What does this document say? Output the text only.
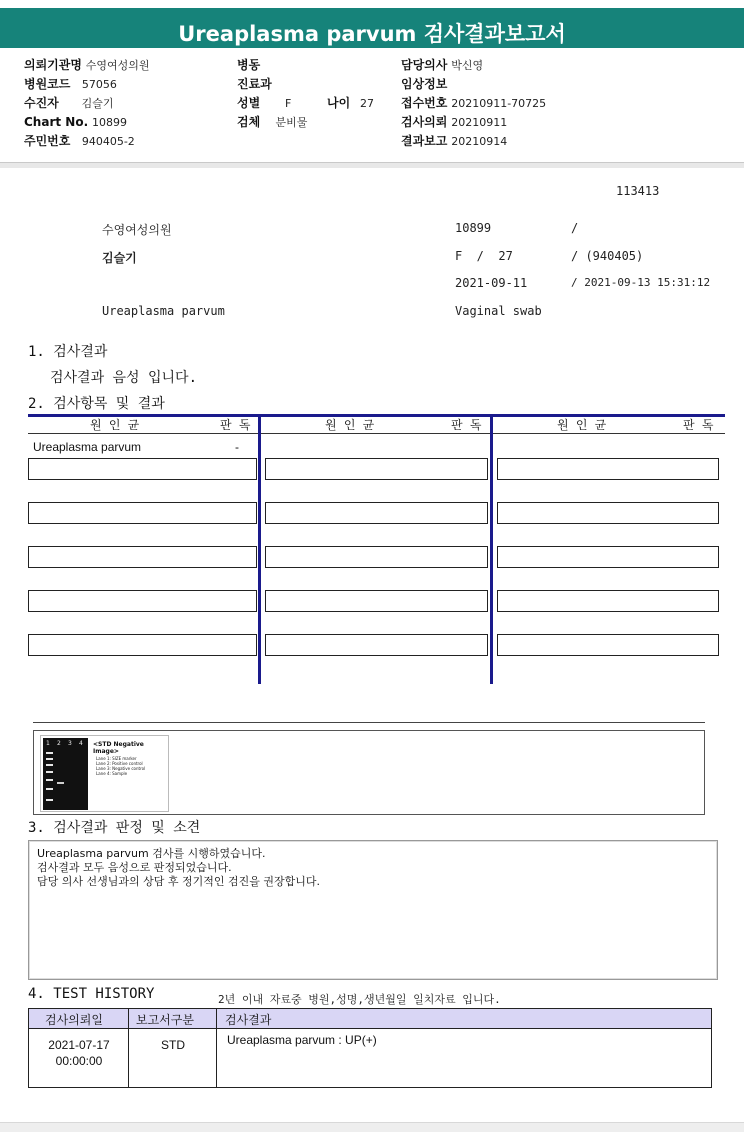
Ureaplasma parvum 검사결과보고서
의뢰기관명 수영여성의원
병원코드 57056
수진자 김슬기
Chart No. 10899
주민번호 940405-2
병동
진료과
성별 F	나이 27
검체 분비물
담당의사 박신영
임상정보
접수번호 20210911-70725
검사의뢰 20210911
결과보고 20210914
113413
수영여성의원	10899	/
김슬기	F  /  27	/ (940405)
2021-09-11	/ 2021-09-13 15:31:12
Ureaplasma parvum	Vaginal swab
1. 검사결과
검사결과 음성 입니다.
2. 검사항목 및 결과
원 인 균	판 독	원 인 균	판 독	원 인 균	판 독
Ureaplasma parvum	-
1 2 3 4 <STD Negative Image>
Lane 1: SIZE marker
Lane 2: Positive control
Lane 3: Negative control
Lane 4: Sample
3. 검사결과 판정 및 소견
Ureaplasma parvum 검사를 시행하였습니다.
검사결과 모두 음성으로 판정되었습니다.
담당 의사 선생님과의 상담 후 정기적인 검진을 권장합니다.
4. TEST HISTORY	2년 이내 자료중 병원,성명,생년월일 일치자료 입니다.
검사의뢰일	보고서구분	검사결과
2021-07-17
00:00:00
STD	Ureaplasma parvum : UP(+)
